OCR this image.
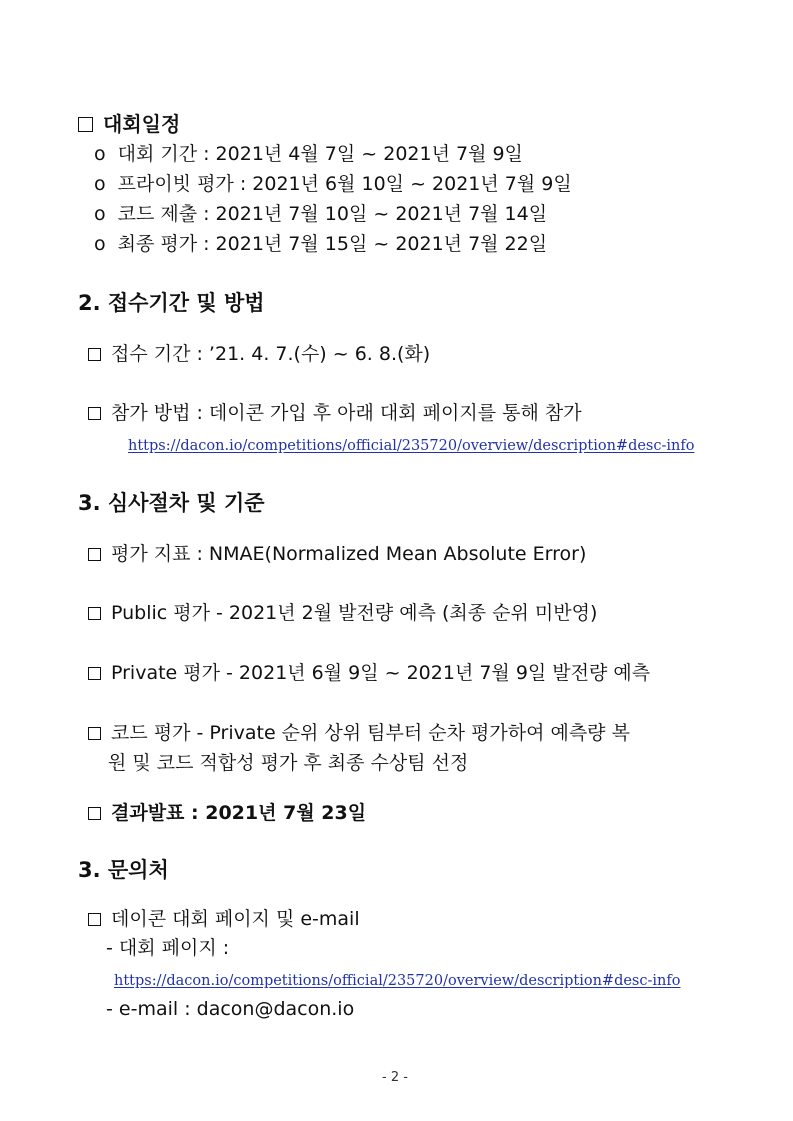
대회일정
o 대회 기간 : 2021년 4월 7일 ~ 2021년 7월 9일
o 프라이빗 평가 : 2021년 6월 10일 ~ 2021년 7월 9일
o 코드 제출 : 2021년 7월 10일 ~ 2021년 7월 14일
o 최종 평가 : 2021년 7월 15일 ~ 2021년 7월 22일
2. 접수기간 및 방법
접수 기간 : ’21. 4. 7.(수) ~ 6. 8.(화)
참가 방법 : 데이콘 가입 후 아래 대회 페이지를 통해 참가
https://dacon.io/competitions/official/235720/overview/description#desc-info
3. 심사절차 및 기준
평가 지표 : NMAE(Normalized Mean Absolute Error)
Public 평가 - 2021년 2월 발전량 예측 (최종 순위 미반영)
Private 평가 - 2021년 6월 9일 ~ 2021년 7월 9일 발전량 예측
코드 평가 - Private 순위 상위 팀부터 순차 평가하여 예측량 복
원 및 코드 적합성 평가 후 최종 수상팀 선정
결과발표 : 2021년 7월 23일
3. 문의처
데이콘 대회 페이지 및 e-mail
- 대회 페이지 :
https://dacon.io/competitions/official/235720/overview/description#desc-info
- e-mail : dacon@dacon.io
- 2 -
